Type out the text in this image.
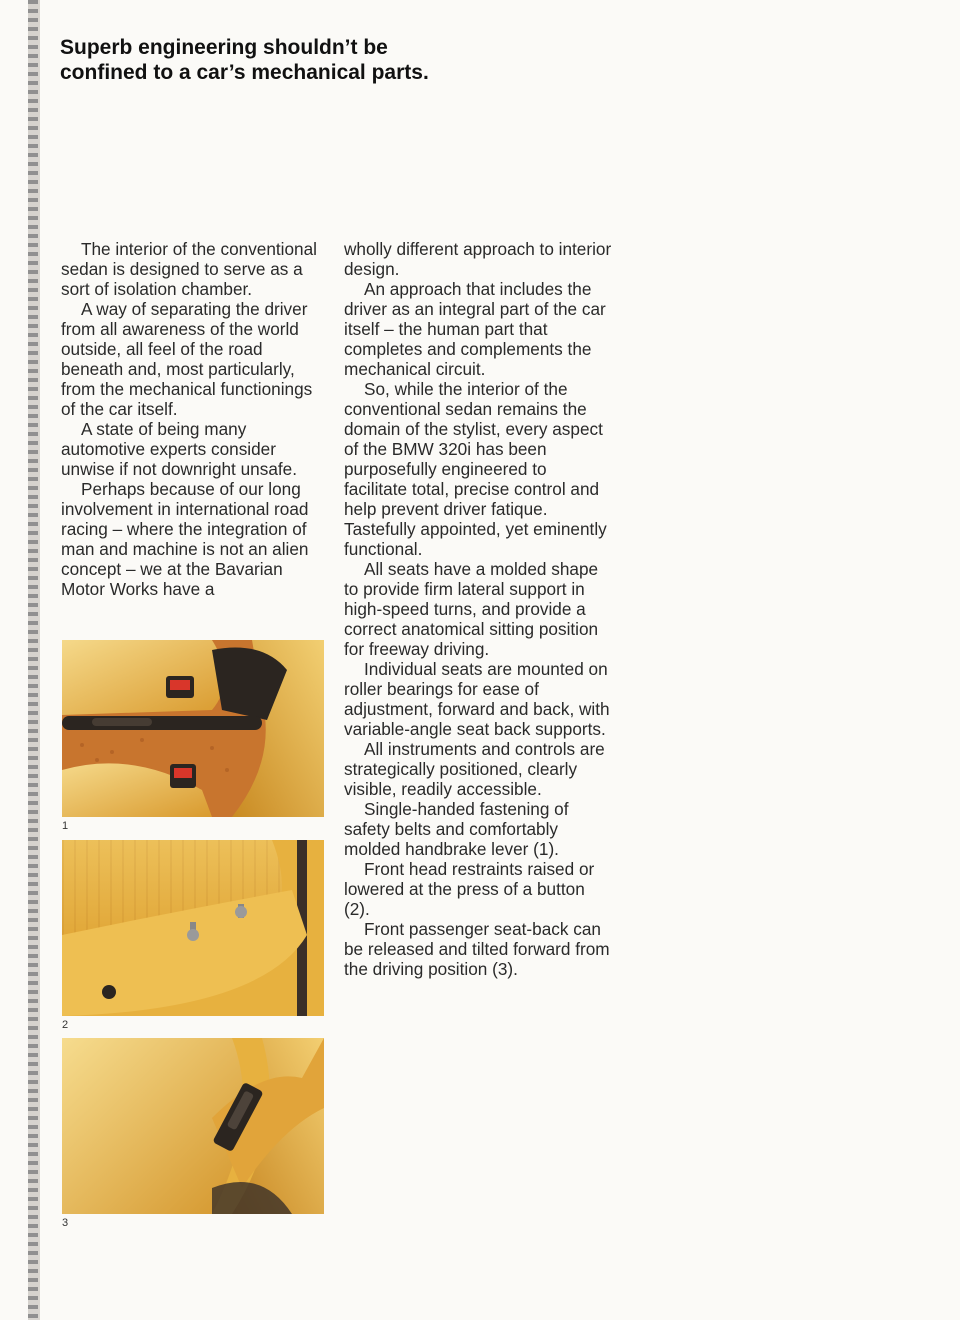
Superb engineering shouldn’t be
confined to a car’s mechanical parts.

The interior of the conventional sedan is designed to serve as a sort of isolation chamber.

A way of separating the driver from all awareness of the world outside, all feel of the road beneath and, most particularly, from the mechanical functionings of the car itself.

A state of being many automotive experts consider unwise if not downright unsafe.

Perhaps because of our long involvement in international road racing – where the integration of man and machine is not an alien concept – we at the Bavarian Motor Works have a

wholly different approach to interior design.

An approach that includes the driver as an integral part of the car itself – the human part that completes and complements the mechanical circuit.

So, while the interior of the conventional sedan remains the domain of the stylist, every aspect of the BMW 320i has been purposefully engineered to facilitate total, precise control and help prevent driver fatique. Tastefully appointed, yet eminently functional.

All seats have a molded shape to provide firm lateral support in high-speed turns, and provide a correct anatomical sitting position for freeway driving.

Individual seats are mounted on roller bearings for ease of adjustment, forward and back, with variable-angle seat back supports.

All instruments and controls are strategically positioned, clearly visible, readily accessible.

Single-handed fastening of safety belts and comfortably molded handbrake lever (1).

Front head restraints raised or lowered at the press of a button (2).

Front passenger seat-back can be released and tilted forward from the driving position (3).

1
2
3
